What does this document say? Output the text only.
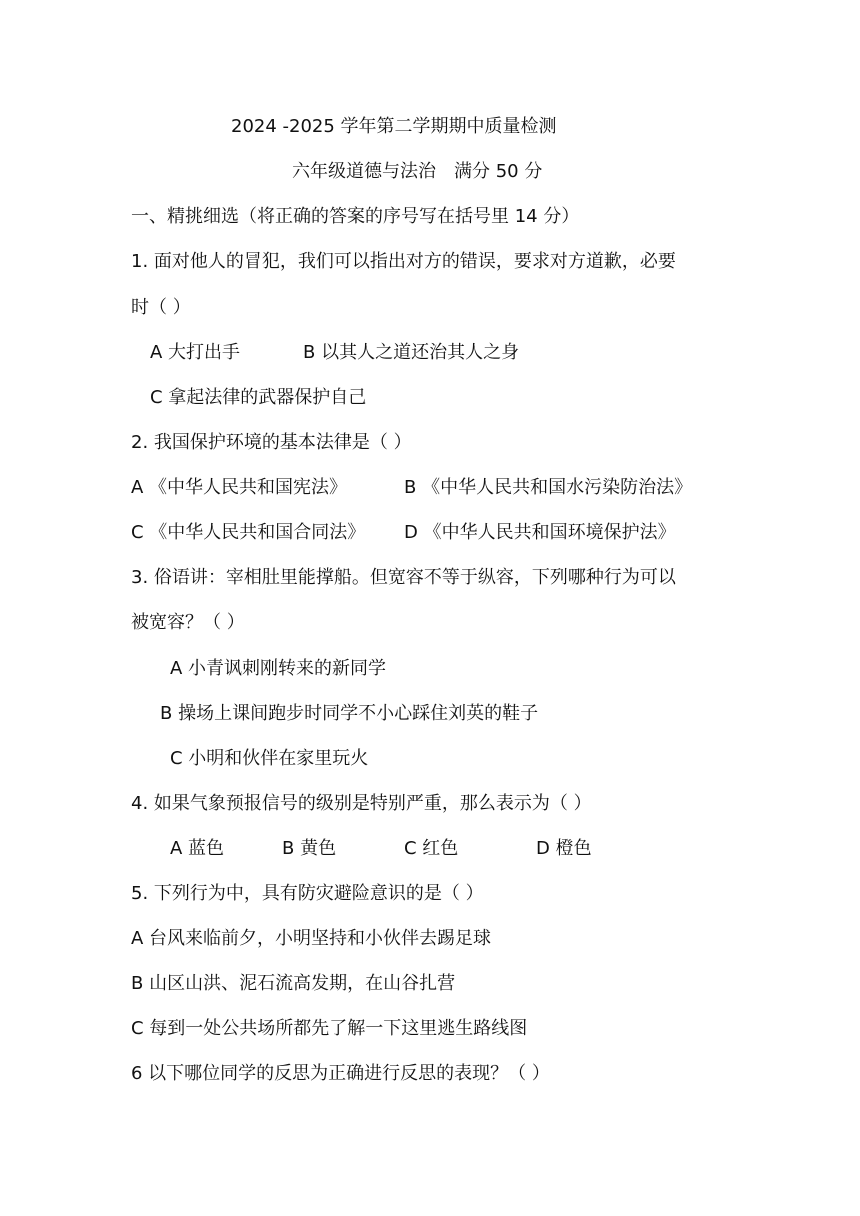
2024 -2025 学年第二学期期中质量检测
六年级道德与法治　满分 50 分
一、精挑细选（将正确的答案的序号写在括号里 14 分）
1. 面对他人的冒犯，我们可以指出对方的错误，要求对方道歉，必要
时（ ）
A 大打出手	B 以其人之道还治其人之身
C 拿起法律的武器保护自己
2. 我国保护环境的基本法律是（ ）
A 《中华人民共和国宪法》	B 《中华人民共和国水污染防治法》
C 《中华人民共和国合同法》 D 《中华人民共和国环境保护法》
3. 俗语讲：宰相肚里能撑船。但宽容不等于纵容，下列哪种行为可以
被宽容？（ ）
A 小青讽刺刚转来的新同学
B 操场上课间跑步时同学不小心踩住刘英的鞋子
C 小明和伙伴在家里玩火
4. 如果气象预报信号的级别是特别严重，那么表示为（ ）
A 蓝色	B 黄色	C 红色	D 橙色
5. 下列行为中，具有防灾避险意识的是（ ）
A 台风来临前夕，小明坚持和小伙伴去踢足球
B 山区山洪、泥石流高发期，在山谷扎营
C 每到一处公共场所都先了解一下这里逃生路线图
6 以下哪位同学的反思为正确进行反思的表现？（ ）
